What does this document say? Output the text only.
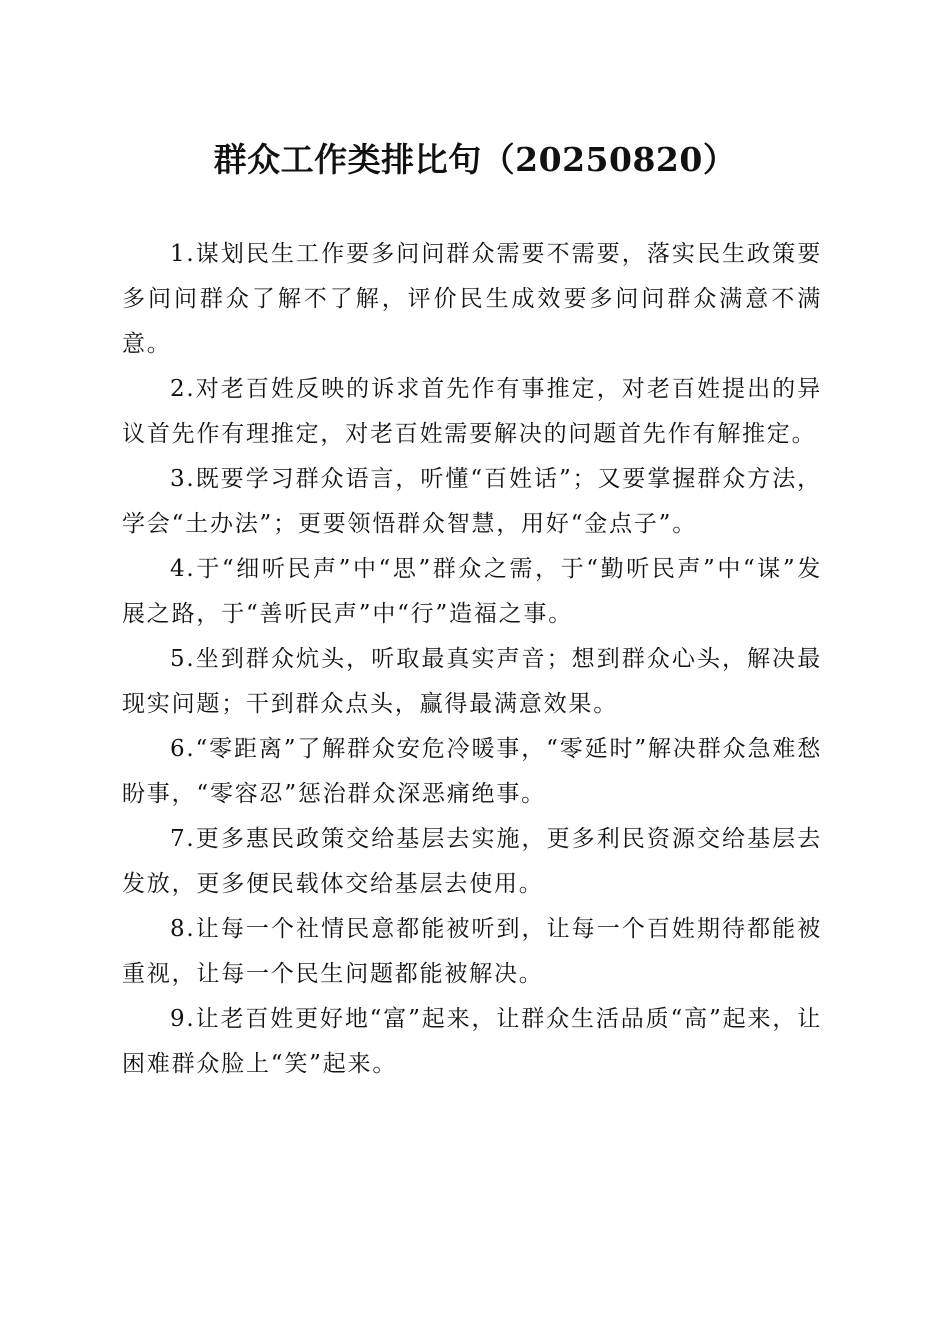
群众工作类排比句（20250820）

1.谋划民生工作要多问问群众需要不需要，落实民生政策要多问问群众了解不了解，评价民生成效要多问问群众满意不满意。

2.对老百姓反映的诉求首先作有事推定，对老百姓提出的异议首先作有理推定，对老百姓需要解决的问题首先作有解推定。

3.既要学习群众语言，听懂“百姓话”；又要掌握群众方法，学会“土办法”；更要领悟群众智慧，用好“金点子”。

4.于“细听民声”中“思”群众之需，于“勤听民声”中“谋”发展之路，于“善听民声”中“行”造福之事。

5.坐到群众炕头，听取最真实声音；想到群众心头，解决最现实问题；干到群众点头，赢得最满意效果。

6.“零距离”了解群众安危冷暖事，“零延时”解决群众急难愁盼事，“零容忍”惩治群众深恶痛绝事。

7.更多惠民政策交给基层去实施，更多利民资源交给基层去发放，更多便民载体交给基层去使用。

8.让每一个社情民意都能被听到，让每一个百姓期待都能被重视，让每一个民生问题都能被解决。

9.让老百姓更好地“富”起来，让群众生活品质“高”起来，让困难群众脸上“笑”起来。
